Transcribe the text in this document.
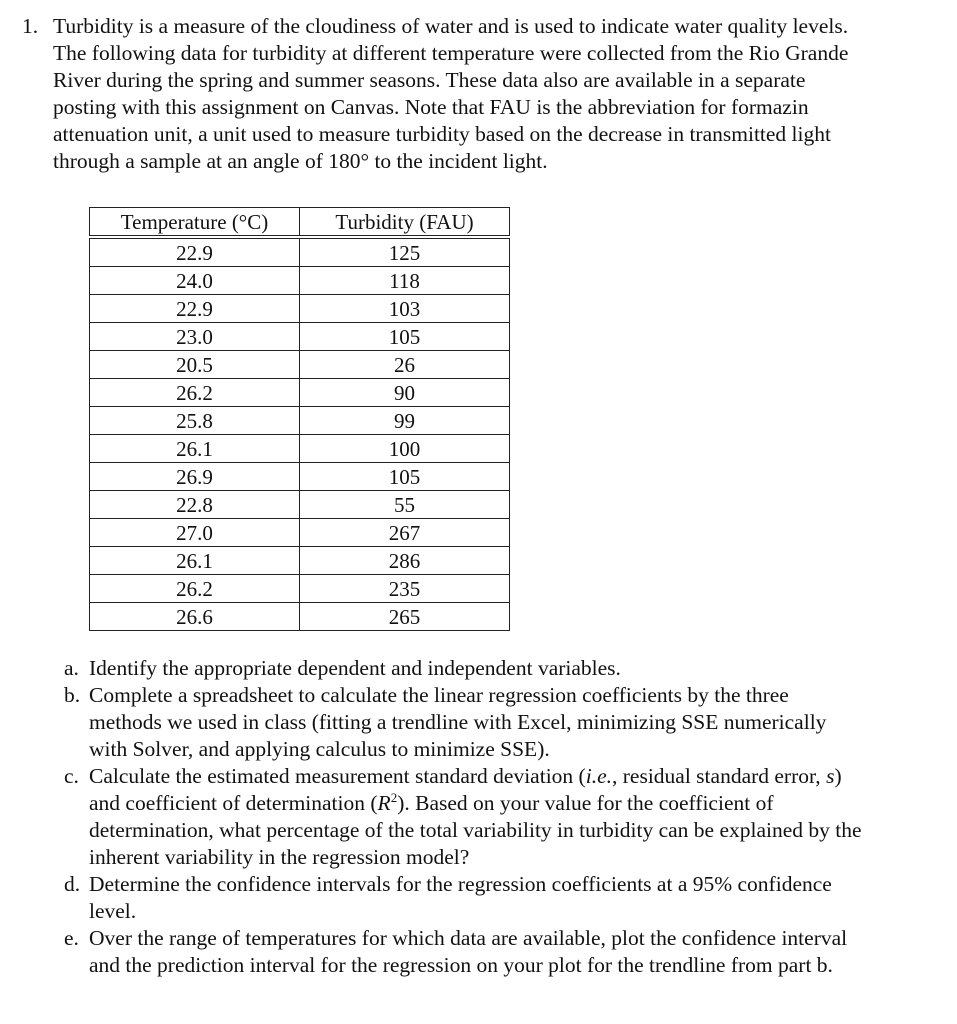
1. Turbidity is a measure of the cloudiness of water and is used to indicate water quality levels.
The following data for turbidity at different temperature were collected from the Rio Grande
River during the spring and summer seasons. These data also are available in a separate
posting with this assignment on Canvas. Note that FAU is the abbreviation for formazin
attenuation unit, a unit used to measure turbidity based on the decrease in transmitted light
through a sample at an angle of 180° to the incident light.
Temperature (°C)	Turbidity (FAU)
22.9	125
24.0	118
22.9	103
23.0	105
20.5	26
26.2	90
25.8	99
26.1	100
26.9	105
22.8	55
27.0	267
26.1	286
26.2	235
26.6	265
a. Identify the appropriate dependent and independent variables.
b. Complete a spreadsheet to calculate the linear regression coefficients by the three
methods we used in class (fitting a trendline with Excel, minimizing SSE numerically
with Solver, and applying calculus to minimize SSE).
c. Calculate the estimated measurement standard deviation (i.e., residual standard error, s)
and coefficient of determination $(R^2)$. Based on your value for the coefficient of
determination, what percentage of the total variability in turbidity can be explained by the
inherent variability in the regression model?
d. Determine the confidence intervals for the regression coefficients at a 95% confidence
level.
e. Over the range of temperatures for which data are available, plot the confidence interval
and the prediction interval for the regression on your plot for the trendline from part b.
